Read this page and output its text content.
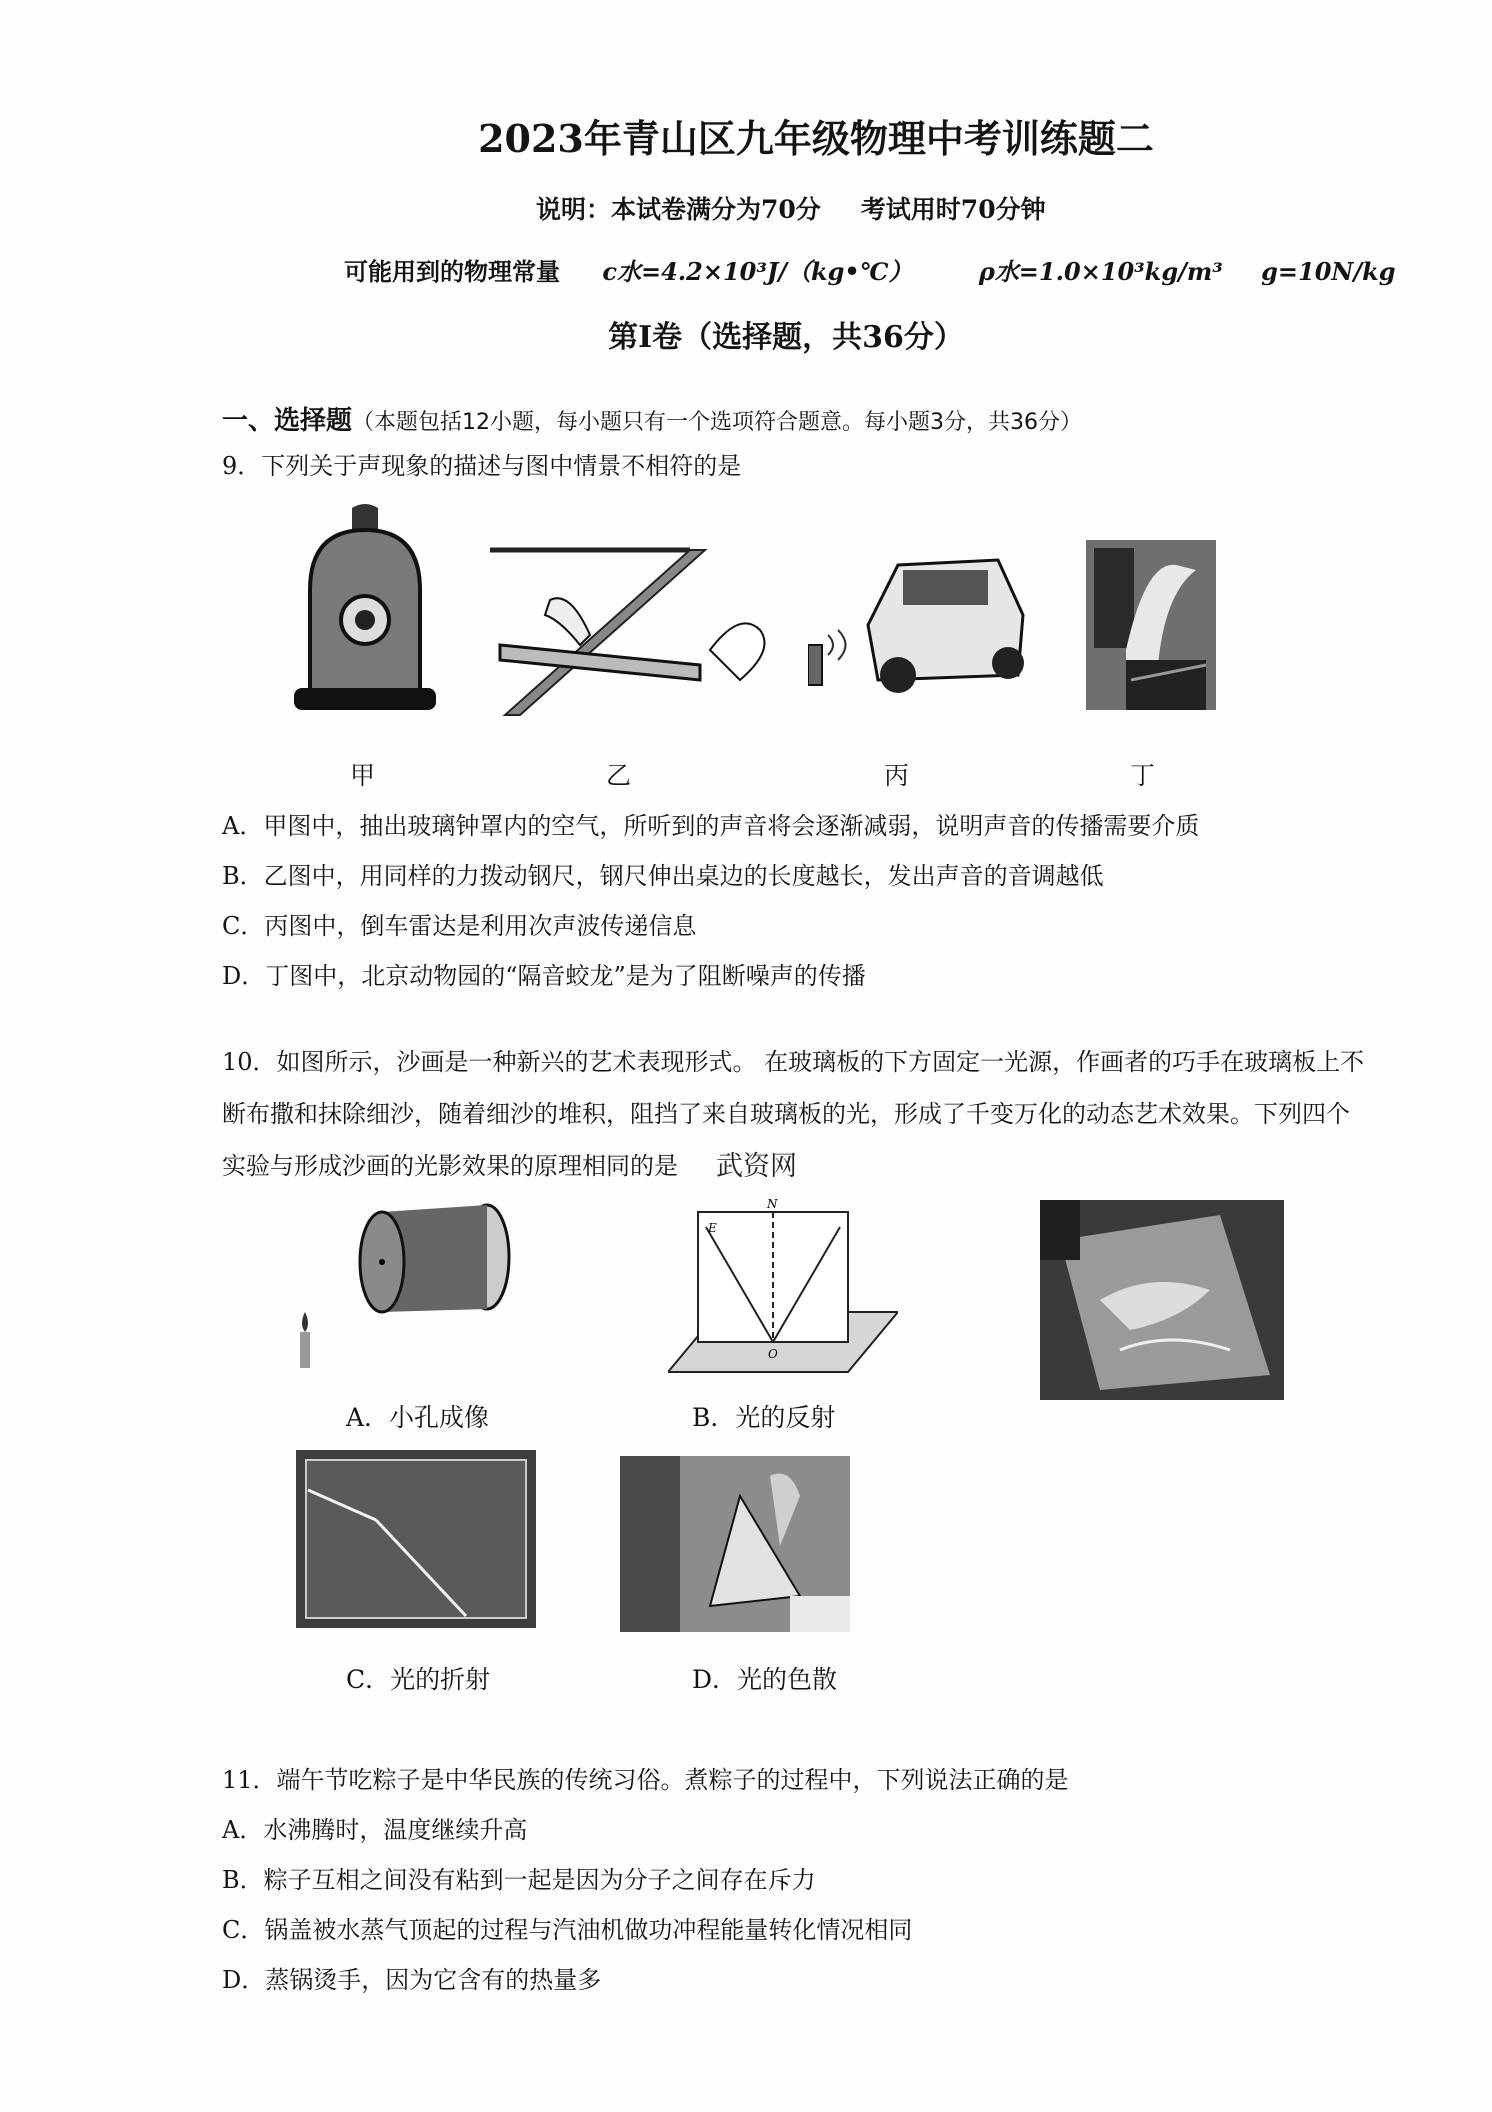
2023年青山区九年级物理中考训练题二
说明：本试卷满分为70分 考试用时70分钟
可能用到的物理常量 c水=4.2×10³J/（kg•℃）	ρ水=1.0×10³kg/m³ g=10N/kg
第Ⅰ卷（选择题，共36分）
一、选择题（本题包括12小题，每小题只有一个选项符合题意。每小题3分，共36分）
9．下列关于声现象的描述与图中情景不相符的是
甲	乙	丙	丁
A．甲图中，抽出玻璃钟罩内的空气，所听到的声音将会逐渐减弱，说明声音的传播需要介质
B．乙图中，用同样的力拨动钢尺，钢尺伸出桌边的长度越长，发出声音的音调越低
C．丙图中，倒车雷达是利用次声波传递信息
D．丁图中，北京动物园的“隔音蛟龙”是为了阻断噪声的传播
10．如图所示，沙画是一种新兴的艺术表现形式。 在玻璃板的下方固定一光源，作画者的巧手在玻璃板上不
断布撒和抹除细沙，随着细沙的堆积，阻挡了来自玻璃板的光，形成了千变万化的动态艺术效果。下列四个
实验与形成沙画的光影效果的原理相同的是 武资网
E
N
O
A．小孔成像	B．光的反射
C．光的折射	D．光的色散
11．端午节吃粽子是中华民族的传统习俗。煮粽子的过程中，下列说法正确的是
A．水沸腾时，温度继续升高
B．粽子互相之间没有粘到一起是因为分子之间存在斥力
C．锅盖被水蒸气顶起的过程与汽油机做功冲程能量转化情况相同
D．蒸锅烫手，因为它含有的热量多
